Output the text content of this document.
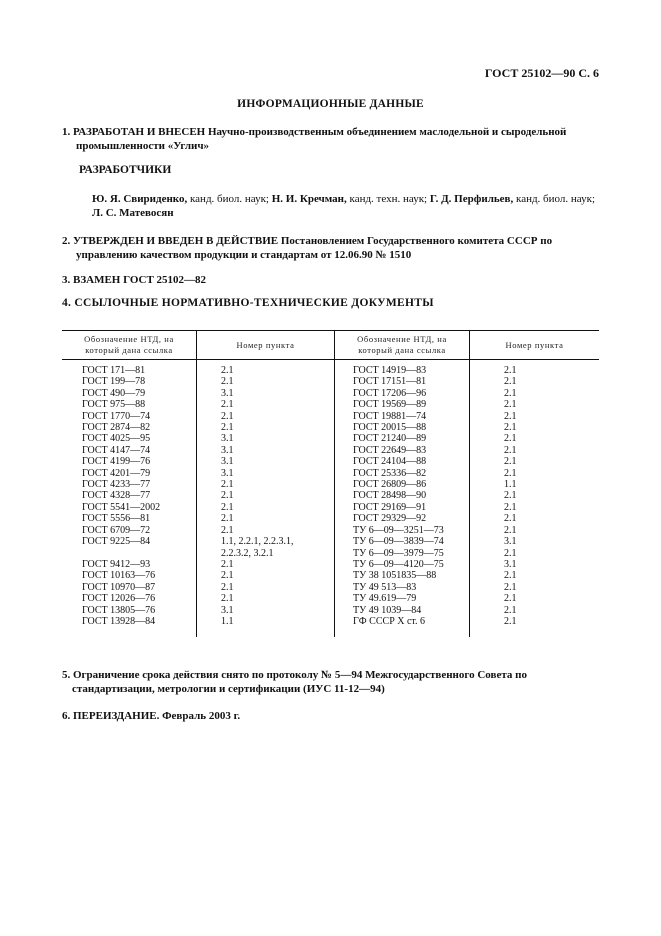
ГОСТ 25102—90 С. 6
ИНФОРМАЦИОННЫЕ ДАННЫЕ
1. РАЗРАБОТАН И ВНЕСЕН Научно-производственным объединением маслодельной и сыродельной промышленности «Углич»
РАЗРАБОТЧИКИ
Ю. Я. Свириденко, канд. биол. наук; Н. И. Кречман, канд. техн. наук; Г. Д. Перфильев, канд. биол. наук; Л. С. Матевосян
2. УТВЕРЖДЕН И ВВЕДЕН В ДЕЙСТВИЕ Постановлением Государственного комитета СССР по управлению качеством продукции и стандартам от 12.06.90 № 1510
3. ВЗАМЕН ГОСТ 25102—82
4. ССЫЛОЧНЫЕ НОРМАТИВНО-ТЕХНИЧЕСКИЕ ДОКУМЕНТЫ
Обозначение НТД, на который дана ссылка	Номер пункта	Обозначение НТД, на который дана ссылка	Номер пункта
ГОСТ 171—81	2.1	ГОСТ 14919—83	2.1
ГОСТ 199—78	2.1	ГОСТ 17151—81	2.1
ГОСТ 490—79	3.1	ГОСТ 17206—96	2.1
ГОСТ 975—88	2.1	ГОСТ 19569—89	2.1
ГОСТ 1770—74	2.1	ГОСТ 19881—74	2.1
ГОСТ 2874—82	2.1	ГОСТ 20015—88	2.1
ГОСТ 4025—95	3.1	ГОСТ 21240—89	2.1
ГОСТ 4147—74	3.1	ГОСТ 22649—83	2.1
ГОСТ 4199—76	3.1	ГОСТ 24104—88	2.1
ГОСТ 4201—79	3.1	ГОСТ 25336—82	2.1
ГОСТ 4233—77	2.1	ГОСТ 26809—86	1.1
ГОСТ 4328—77	2.1	ГОСТ 28498—90	2.1
ГОСТ 5541—2002	2.1	ГОСТ 29169—91	2.1
ГОСТ 5556—81	2.1	ГОСТ 29329—92	2.1
ГОСТ 6709—72	2.1	ТУ 6—09—3251—73	2.1
ГОСТ 9225—84	1.1, 2.2.1, 2.2.3.1,	ТУ 6—09—3839—74	3.1
	2.2.3.2, 3.2.1	ТУ 6—09—3979—75	2.1
ГОСТ 9412—93	2.1	ТУ 6—09—4120—75	3.1
ГОСТ 10163—76	2.1	ТУ 38 1051835—88	2.1
ГОСТ 10970—87	2.1	ТУ 49 513—83	2.1
ГОСТ 12026—76	2.1	ТУ 49.619—79	2.1
ГОСТ 13805—76	3.1	ТУ 49 1039—84	2.1
ГОСТ 13928—84	1.1	ГФ СССР X ст. 6	2.1
5. Ограничение срока действия снято по протоколу № 5—94 Межгосударственного Совета по стандартизации, метрологии и сертификации (ИУС 11-12—94)
6. ПЕРЕИЗДАНИЕ. Февраль 2003 г.
